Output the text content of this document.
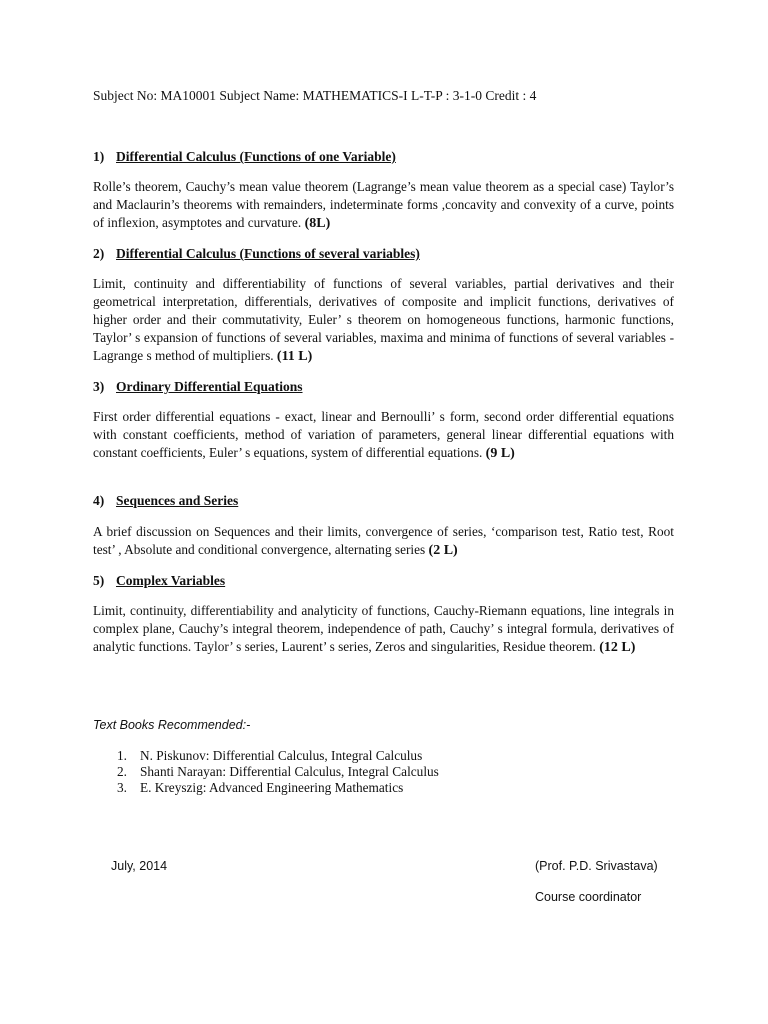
Subject No: MA10001 Subject Name: MATHEMATICS-I L-T-P : 3-1-0 Credit : 4
1) Differential Calculus (Functions of one Variable)
Rolle’s theorem, Cauchy’s mean value theorem (Lagrange’s mean value theorem as a special case) Taylor’s and Maclaurin’s theorems with remainders, indeterminate forms ,concavity and convexity of a curve, points of inflexion, asymptotes and curvature. (8L)
2) Differential Calculus (Functions of several variables)
Limit, continuity and differentiability of functions of several variables, partial derivatives and their geometrical interpretation, differentials, derivatives of composite and implicit functions, derivatives of higher order and their commutativity, Euler’ s theorem on homogeneous functions, harmonic functions, Taylor’ s expansion of functions of several variables, maxima and minima of functions of several variables - Lagrange s method of multipliers. (11 L)
3) Ordinary Differential Equations
First order differential equations - exact, linear and Bernoulli’ s form, second order differential equations with constant coefficients, method of variation of parameters, general linear differential equations with constant coefficients, Euler’ s equations, system of differential equations. (9 L)
4) Sequences and Series
A brief discussion on Sequences and their limits, convergence of series, ‘comparison test, Ratio test, Root test’ , Absolute and conditional convergence, alternating series (2 L)
5) Complex Variables
Limit, continuity, differentiability and analyticity of functions, Cauchy-Riemann equations, line integrals in complex plane, Cauchy’s integral theorem, independence of path, Cauchy’ s integral formula, derivatives of analytic functions. Taylor’ s series, Laurent’ s series, Zeros and singularities, Residue theorem. (12 L)
Text Books Recommended:-
1. N. Piskunov: Differential Calculus, Integral Calculus
2. Shanti Narayan: Differential Calculus, Integral Calculus
3. E. Kreyszig: Advanced Engineering Mathematics
July, 2014	(Prof. P.D. Srivastava)
Course coordinator
